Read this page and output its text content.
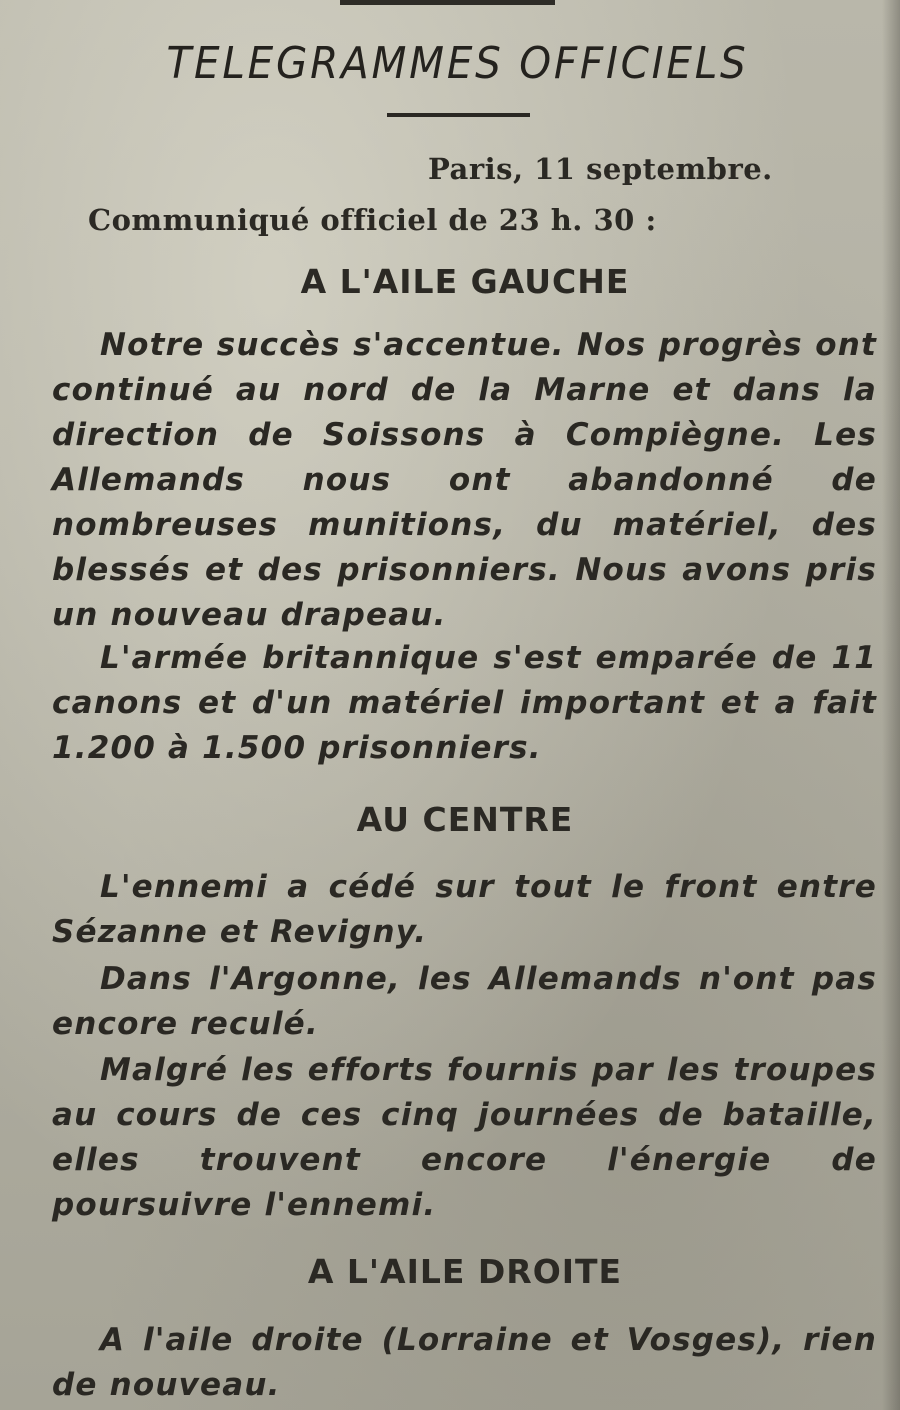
TELEGRAMMES OFFICIELS
Paris, 11 septembre.
Communiqué officiel de 23 h. 30 :
A L'AILE GAUCHE
Notre succès s'accentue. Nos progrès ont continué au nord de la Marne et dans la direction de Soissons à Compiègne. Les Allemands nous ont abandonné de nombreuses munitions, du matériel, des blessés et des prisonniers. Nous avons pris un nouveau drapeau.
L'armée britannique s'est emparée de 11 canons et d'un matériel important et a fait 1.200 à 1.500 prisonniers.
AU CENTRE
L'ennemi a cédé sur tout le front entre Sézanne et Revigny.
Dans l'Argonne, les Allemands n'ont pas encore reculé.
Malgré les efforts fournis par les troupes au cours de ces cinq journées de bataille, elles trouvent encore l'énergie de poursuivre l'ennemi.
A L'AILE DROITE
A l'aile droite (Lorraine et Vosges), rien de nouveau.
